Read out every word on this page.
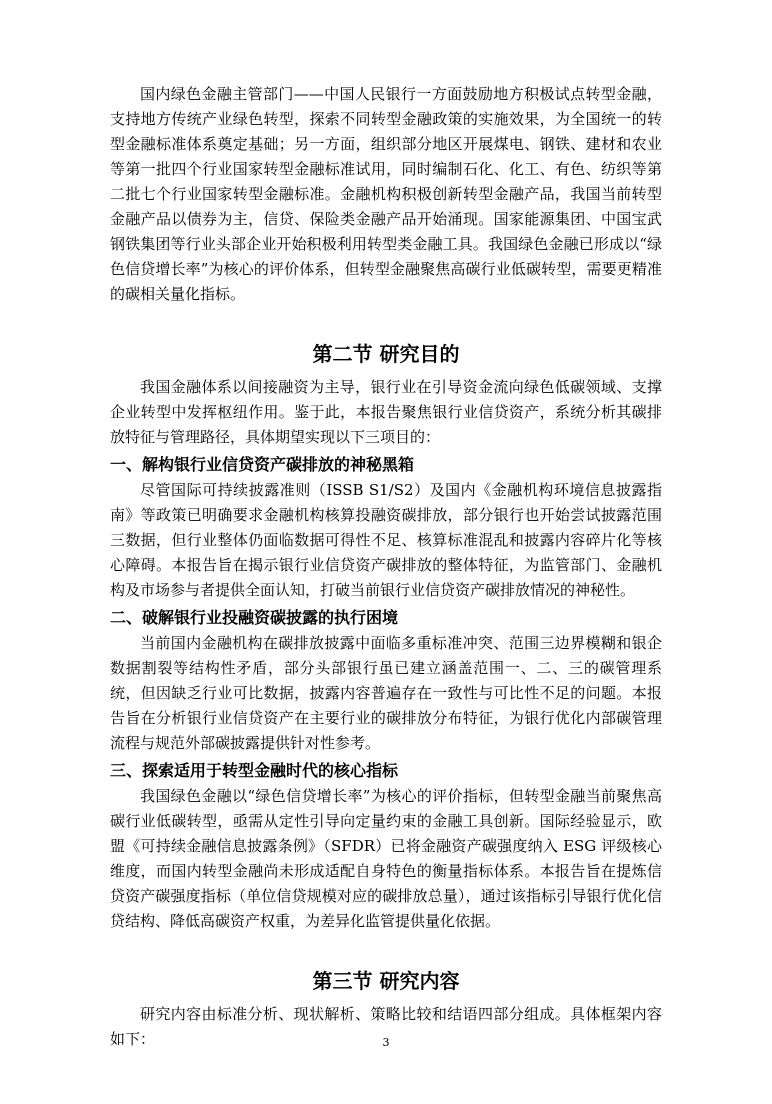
国内绿色金融主管部门——中国人民银行一方面鼓励地方积极试点转型金融，支持地方传统产业绿色转型，探索不同转型金融政策的实施效果，为全国统一的转型金融标准体系奠定基础；另一方面，组织部分地区开展煤电、钢铁、建材和农业等第一批四个行业国家转型金融标准试用，同时编制石化、化工、有色、纺织等第二批七个行业国家转型金融标准。金融机构积极创新转型金融产品，我国当前转型金融产品以债券为主，信贷、保险类金融产品开始涌现。国家能源集团、中国宝武钢铁集团等行业头部企业开始积极利用转型类金融工具。我国绿色金融已形成以“绿色信贷增长率”为核心的评价体系，但转型金融聚焦高碳行业低碳转型，需要更精准的碳相关量化指标。

第二节 研究目的

我国金融体系以间接融资为主导，银行业在引导资金流向绿色低碳领域、支撑企业转型中发挥枢纽作用。鉴于此，本报告聚焦银行业信贷资产，系统分析其碳排放特征与管理路径，具体期望实现以下三项目的：

一、解构银行业信贷资产碳排放的神秘黑箱

尽管国际可持续披露准则（ISSB S1/S2）及国内《金融机构环境信息披露指南》等政策已明确要求金融机构核算投融资碳排放，部分银行也开始尝试披露范围三数据，但行业整体仍面临数据可得性不足、核算标准混乱和披露内容碎片化等核心障碍。本报告旨在揭示银行业信贷资产碳排放的整体特征，为监管部门、金融机构及市场参与者提供全面认知，打破当前银行业信贷资产碳排放情况的神秘性。

二、破解银行业投融资碳披露的执行困境

当前国内金融机构在碳排放披露中面临多重标准冲突、范围三边界模糊和银企数据割裂等结构性矛盾，部分头部银行虽已建立涵盖范围一、二、三的碳管理系统，但因缺乏行业可比数据，披露内容普遍存在一致性与可比性不足的问题。本报告旨在分析银行业信贷资产在主要行业的碳排放分布特征，为银行优化内部碳管理流程与规范外部碳披露提供针对性参考。

三、探索适用于转型金融时代的核心指标

我国绿色金融以“绿色信贷增长率”为核心的评价指标，但转型金融当前聚焦高碳行业低碳转型，亟需从定性引导向定量约束的金融工具创新。国际经验显示，欧盟《可持续金融信息披露条例》（SFDR）已将金融资产碳强度纳入 ESG 评级核心维度，而国内转型金融尚未形成适配自身特色的衡量指标体系。本报告旨在提炼信贷资产碳强度指标（单位信贷规模对应的碳排放总量），通过该指标引导银行优化信贷结构、降低高碳资产权重，为差异化监管提供量化依据。

第三节 研究内容

研究内容由标准分析、现状解析、策略比较和结语四部分组成。具体框架内容如下：	3
